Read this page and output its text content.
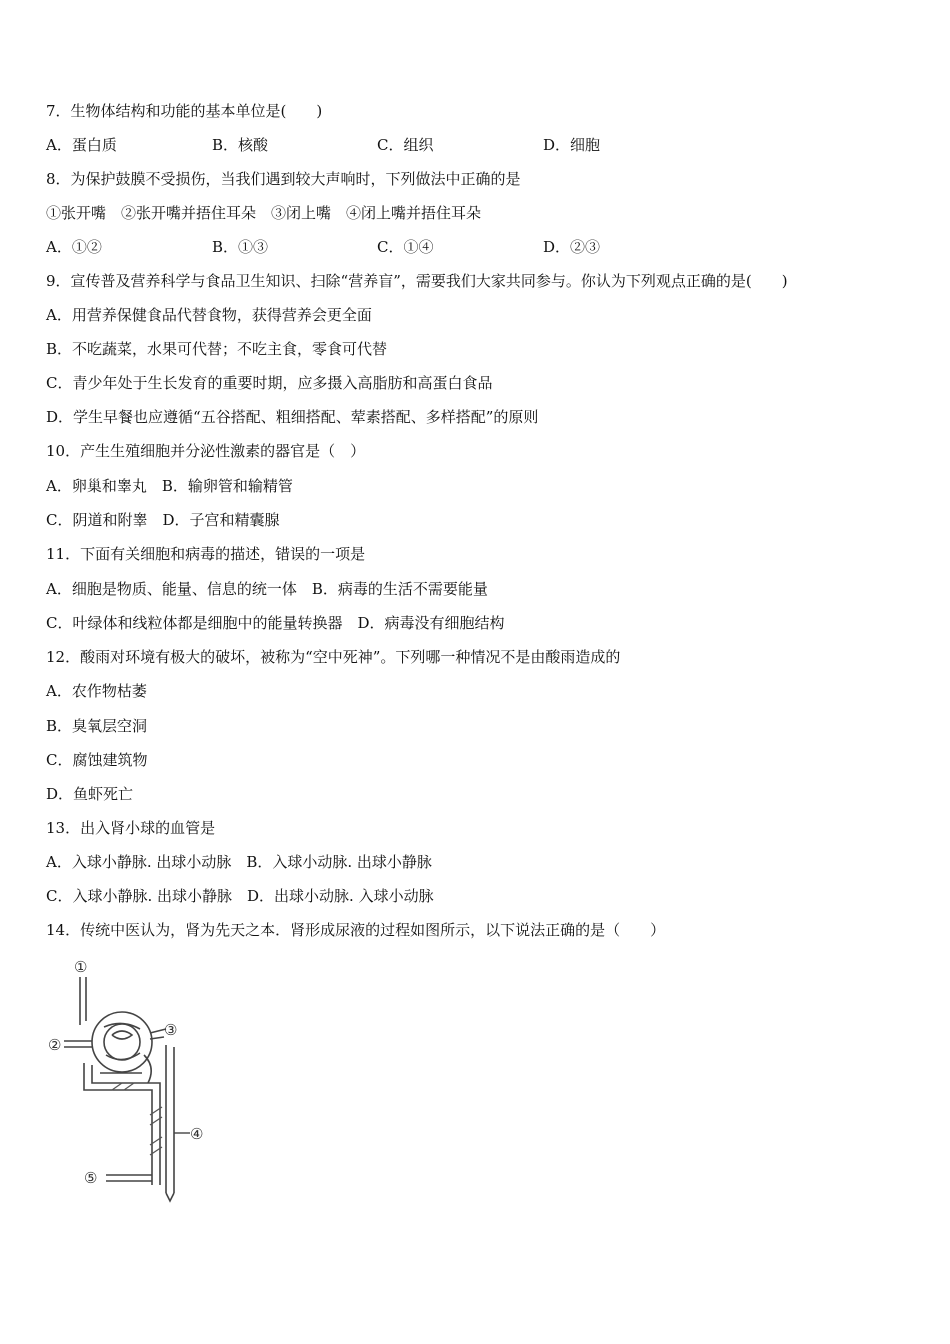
7．生物体结构和功能的基本单位是(　　)
A．蛋白质	B．核酸	C．组织	D．细胞
8．为保护鼓膜不受损伤，当我们遇到较大声响时，下列做法中正确的是
①张开嘴　②张开嘴并捂住耳朵　③闭上嘴　④闭上嘴并捂住耳朵
A．①②	B．①③	C．①④	D．②③
9．宣传普及营养科学与食品卫生知识、扫除“营养盲”，需要我们大家共同参与。你认为下列观点正确的是(　　)
A．用营养保健食品代替食物，获得营养会更全面
B．不吃蔬菜，水果可代替；不吃主食，零食可代替
C．青少年处于生长发育的重要时期，应多摄入高脂肪和高蛋白食品
D．学生早餐也应遵循“五谷搭配、粗细搭配、荤素搭配、多样搭配”的原则
10．产生生殖细胞并分泌性激素的器官是（　）
A．卵巢和睾丸　B．输卵管和输精管
C．阴道和附睾　D．子宫和精囊腺
11．下面有关细胞和病毒的描述，错误的一项是
A．细胞是物质、能量、信息的统一体　B．病毒的生活不需要能量
C．叶绿体和线粒体都是细胞中的能量转换器　D．病毒没有细胞结构
12．酸雨对环境有极大的破坏，被称为“空中死神”。下列哪一种情况不是由酸雨造成的
A．农作物枯萎
B．臭氧层空洞
C．腐蚀建筑物
D．鱼虾死亡
13．出入肾小球的血管是
A．入球小静脉. 出球小动脉　B．入球小动脉. 出球小静脉
C．入球小静脉. 出球小静脉　D．出球小动脉. 入球小动脉
14．传统中医认为，肾为先天之本．肾形成尿液的过程如图所示，以下说法正确的是（　　）
①
②
③
④
⑤
